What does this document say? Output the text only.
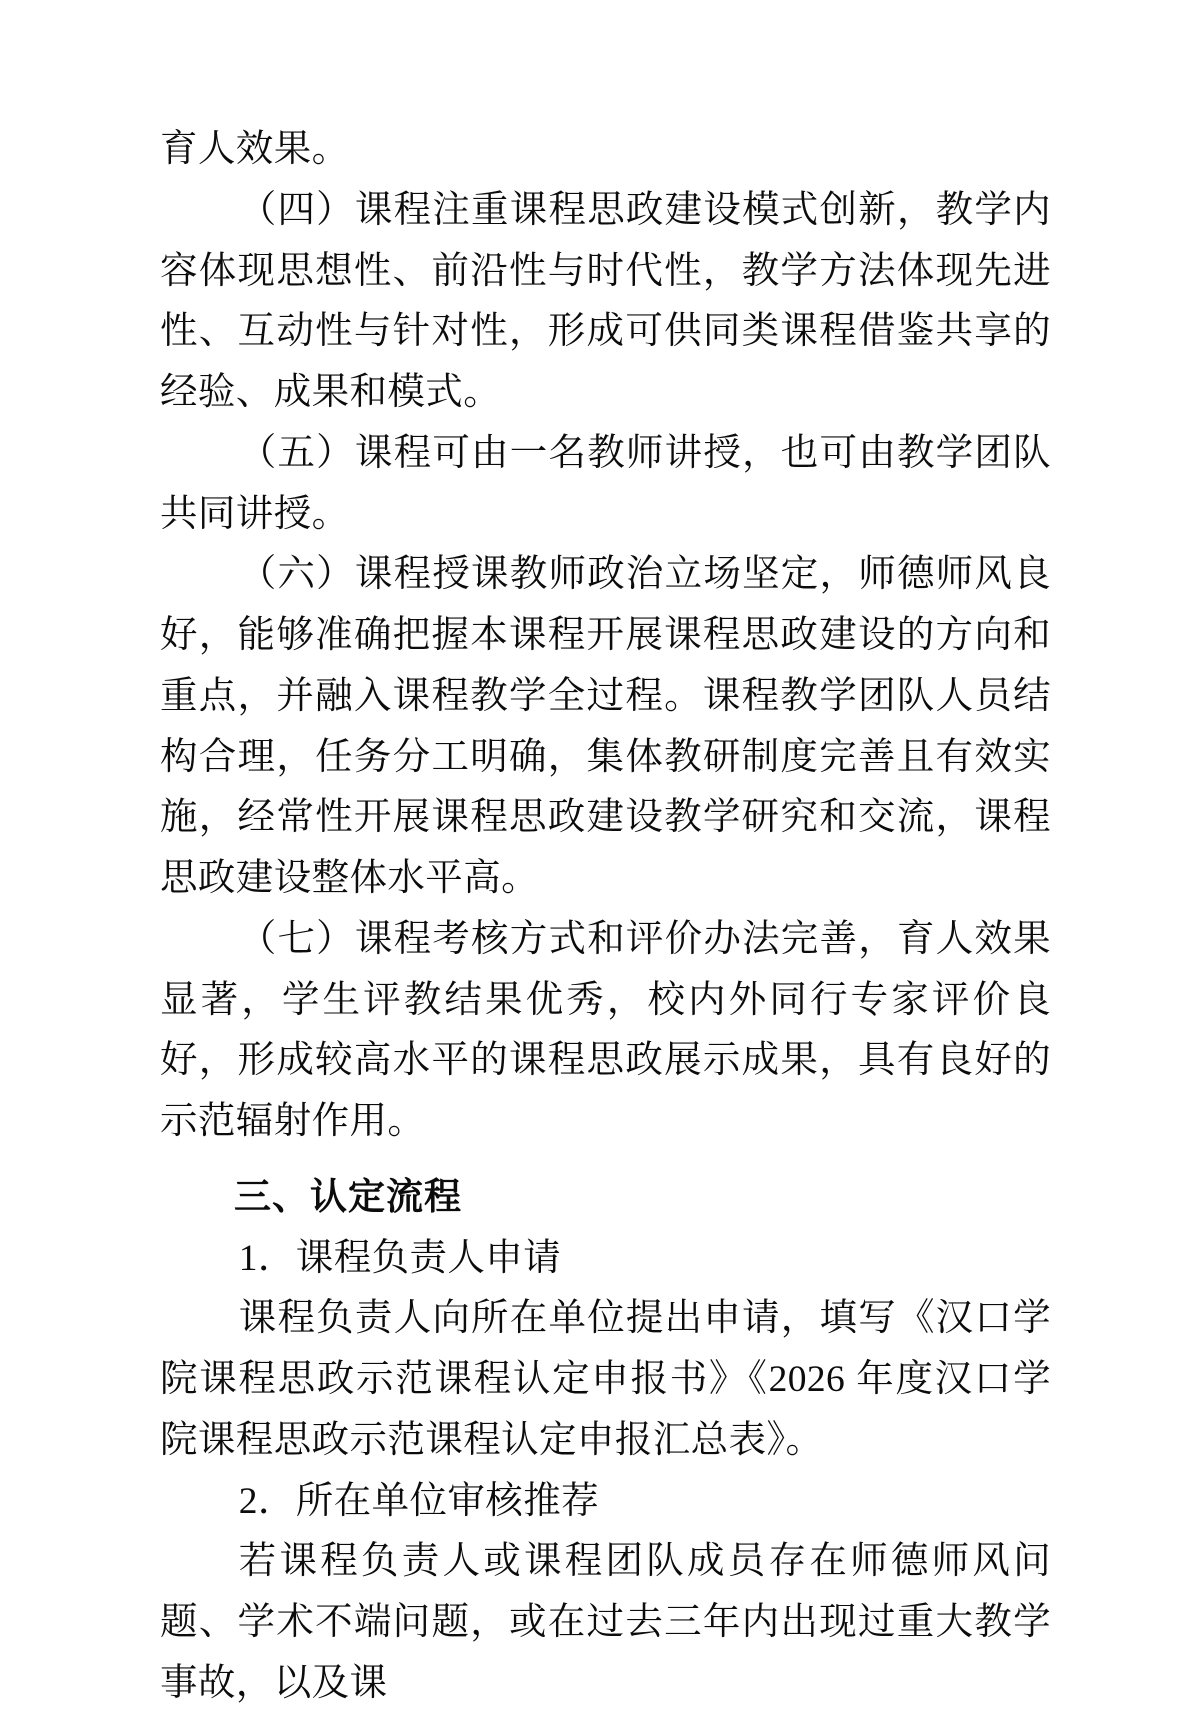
育人效果。

（四）课程注重课程思政建设模式创新，教学内容体现思想性、前沿性与时代性，教学方法体现先进性、互动性与针对性，形成可供同类课程借鉴共享的经验、成果和模式。

（五）课程可由一名教师讲授，也可由教学团队共同讲授。

（六）课程授课教师政治立场坚定，师德师风良好，能够准确把握本课程开展课程思政建设的方向和重点，并融入课程教学全过程。课程教学团队人员结构合理，任务分工明确，集体教研制度完善且有效实施，经常性开展课程思政建设教学研究和交流，课程思政建设整体水平高。

（七）课程考核方式和评价办法完善，育人效果显著，学生评教结果优秀，校内外同行专家评价良好，形成较高水平的课程思政展示成果，具有良好的示范辐射作用。

三、认定流程

1．课程负责人申请

课程负责人向所在单位提出申请，填写《汉口学院课程思政示范课程认定申报书》《2026 年度汉口学院课程思政示范课程认定申报汇总表》。

2．所在单位审核推荐

若课程负责人或课程团队成员存在师德师风问题、学术不端问题，或在过去三年内出现过重大教学事故，以及课
